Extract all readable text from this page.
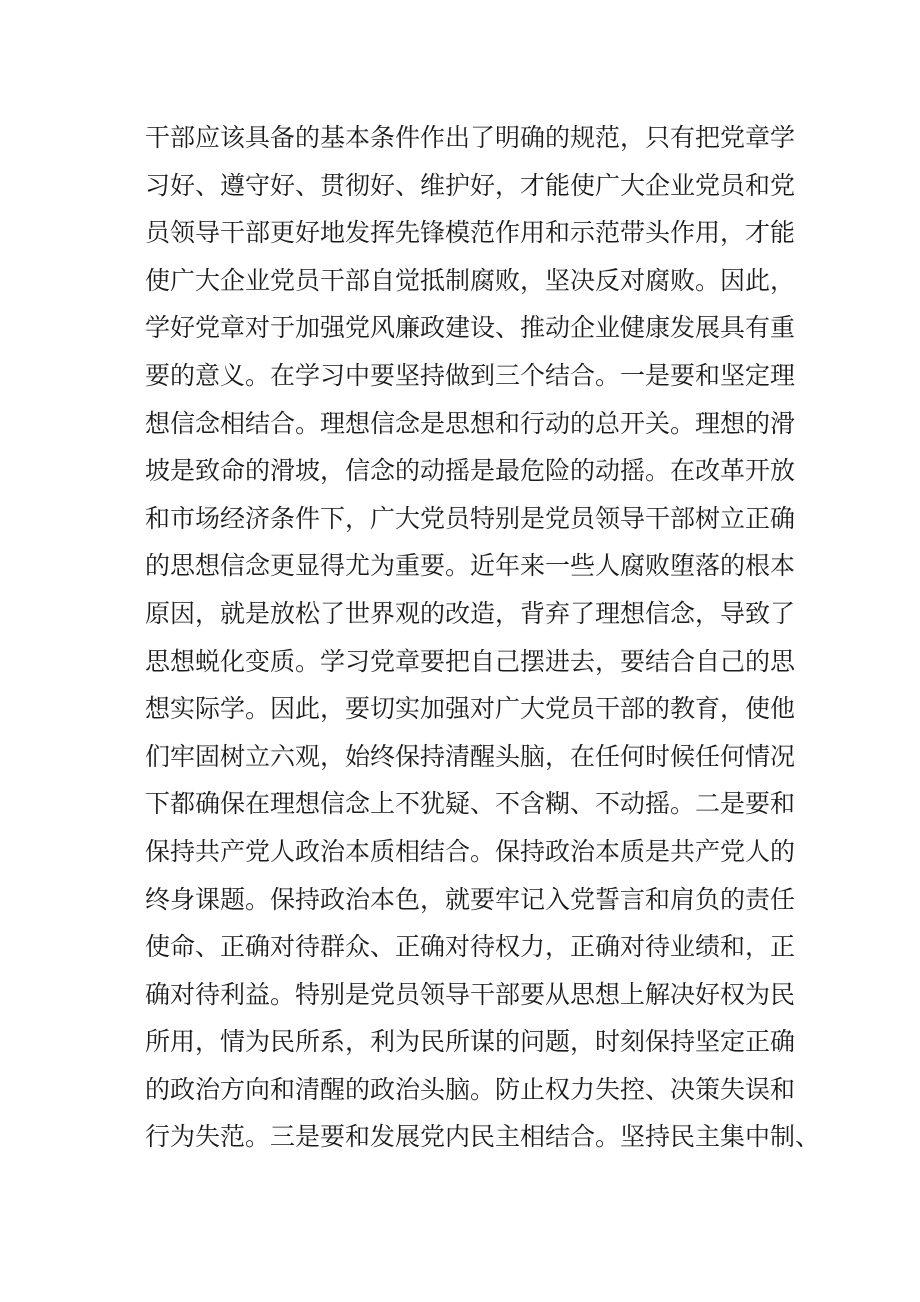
干部应该具备的基本条件作出了明确的规范，只有把党章学
习好、遵守好、贯彻好、维护好，才能使广大企业党员和党
员领导干部更好地发挥先锋模范作用和示范带头作用，才能
使广大企业党员干部自觉抵制腐败，坚决反对腐败。因此，
学好党章对于加强党风廉政建设、推动企业健康发展具有重
要的意义。在学习中要坚持做到三个结合。一是要和坚定理
想信念相结合。理想信念是思想和行动的总开关。理想的滑
坡是致命的滑坡，信念的动摇是最危险的动摇。在改革开放
和市场经济条件下，广大党员特别是党员领导干部树立正确
的思想信念更显得尤为重要。近年来一些人腐败堕落的根本
原因，就是放松了世界观的改造，背弃了理想信念，导致了
思想蜕化变质。学习党章要把自己摆进去，要结合自己的思
想实际学。因此，要切实加强对广大党员干部的教育，使他
们牢固树立六观，始终保持清醒头脑，在任何时候任何情况
下都确保在理想信念上不犹疑、不含糊、不动摇。二是要和
保持共产党人政治本质相结合。保持政治本质是共产党人的
终身课题。保持政治本色，就要牢记入党誓言和肩负的责任
使命、正确对待群众、正确对待权力，正确对待业绩和，正
确对待利益。特别是党员领导干部要从思想上解决好权为民
所用，情为民所系，利为民所谋的问题，时刻保持坚定正确
的政治方向和清醒的政治头脑。防止权力失控、决策失误和
行为失范。三是要和发展党内民主相结合。坚持民主集中制、
